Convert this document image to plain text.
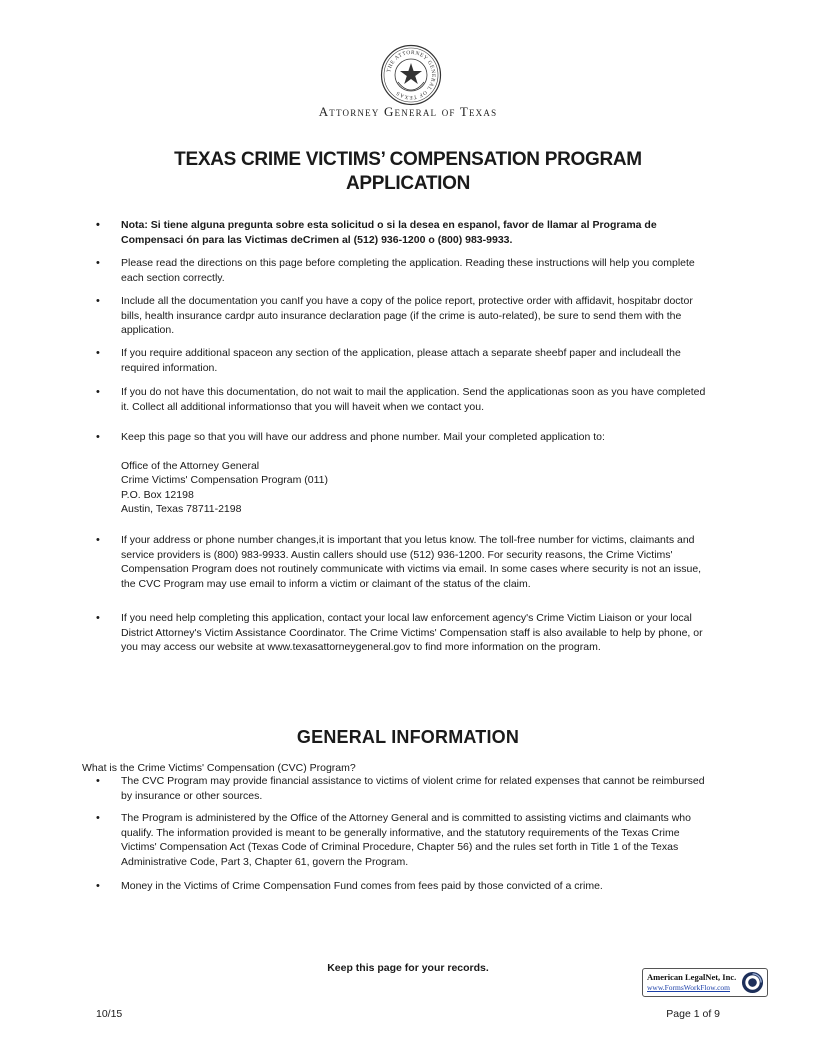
THE ATTORNEY GENERAL OF TEXAS
Attorney General of Texas
TEXAS CRIME VICTIMS’ COMPENSATION PROGRAM
APPLICATION
• Nota: Si tiene alguna pregunta sobre esta solicitud o si la desea en espanol, favor de llamar al Programa de Compensaci ón para las Victimas deCrimen al (512) 936-1200 o (800) 983-9933.
• Please read the directions on this page before completing the application. Reading these instructions will help you complete each section correctly.
• Include all the documentation you canIf you have a copy of the police report, protective order with affidavit, hospitabr doctor bills, health insurance cardpr auto insurance declaration page (if the crime is auto-related), be sure to send them with the application.
• If you require additional spaceon any section of the application, please attach a separate sheebf paper and includeall the required information.
• If you do not have this documentation, do not wait to mail the application. Send the applicationas soon as you have completed it. Collect all additional informationso that you will haveit when we contact you.
• Keep this page so that you will have our address and phone number. Mail your completed application to:
Office of the Attorney General
Crime Victims' Compensation Program (011)
P.O. Box 12198
Austin, Texas 78711-2198
• If your address or phone number changes,it is important that you letus know. The toll-free number for victims, claimants and service providers is (800) 983-9933. Austin callers should use (512) 936-1200. For security reasons, the Crime Victims' Compensation Program does not routinely communicate with victims via email. In some cases where security is not an issue, the CVC Program may use email to inform a victim or claimant of the status of the claim.
• If you need help completing this application, contact your local law enforcement agency's Crime Victim Liaison or your local District Attorney's Victim Assistance Coordinator. The Crime Victims' Compensation staff is also available to help by phone, or you may access our website at www.texasattorneygeneral.gov to find more information on the program.
GENERAL INFORMATION
What is the Crime Victims' Compensation (CVC) Program?
• The CVC Program may provide financial assistance to victims of violent crime for related expenses that cannot be reimbursed by insurance or other sources.
• The Program is administered by the Office of the Attorney General and is committed to assisting victims and claimants who qualify. The information provided is meant to be generally informative, and the statutory requirements of the Texas Crime Victims' Compensation Act (Texas Code of Criminal Procedure, Chapter 56) and the rules set forth in Title 1 of the Texas Administrative Code, Part 3, Chapter 61, govern the Program.
• Money in the Victims of Crime Compensation Fund comes from fees paid by those convicted of a crime.
Keep this page for your records.
American LegalNet, Inc.
www.FormsWorkFlow.com
10/15	Page 1 of 9
